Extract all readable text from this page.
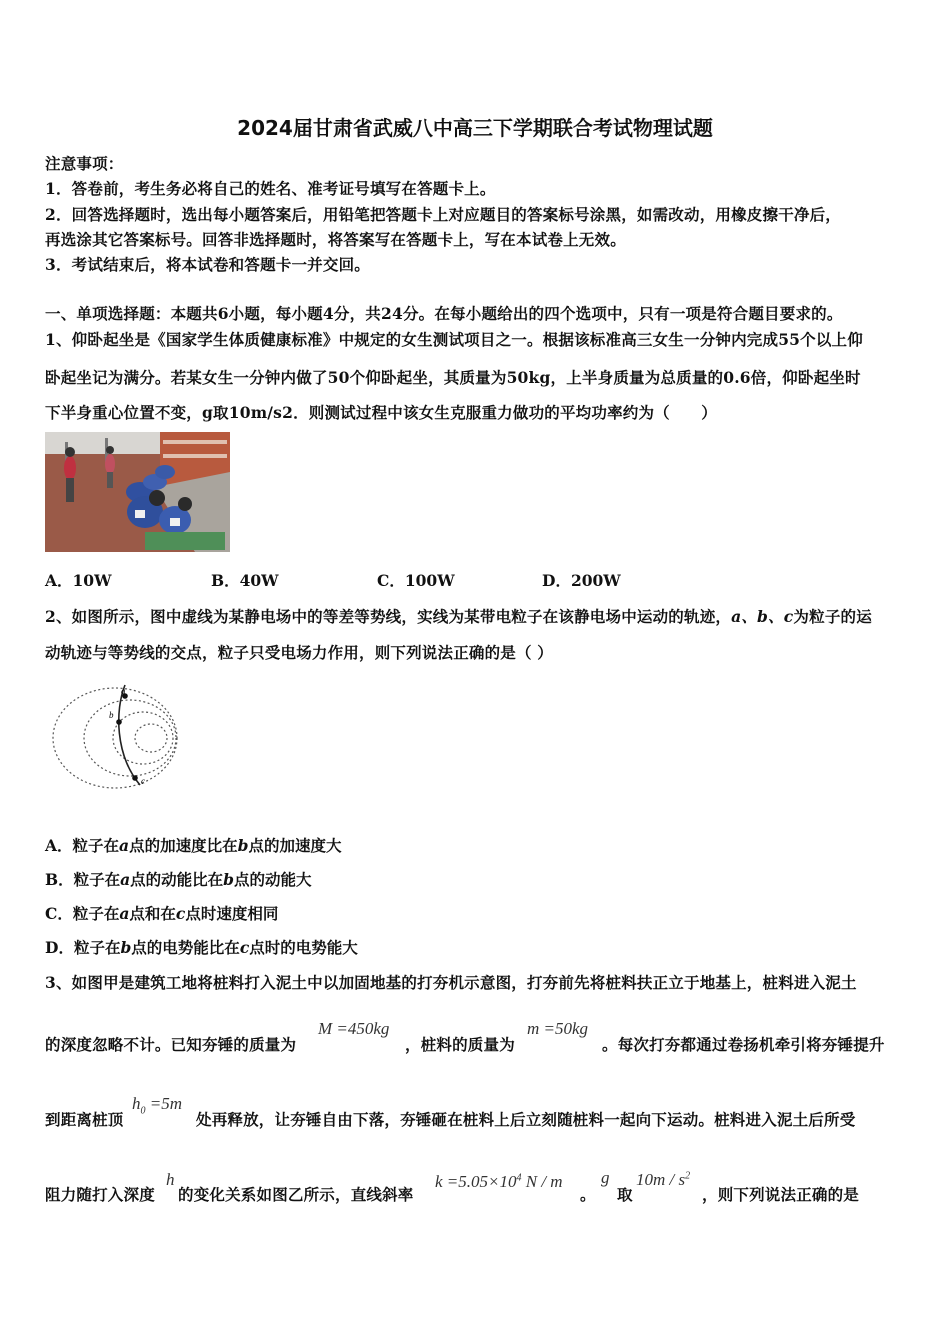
2024届甘肃省武威八中高三下学期联合考试物理试题
注意事项：
1．答卷前，考生务必将自己的姓名、准考证号填写在答题卡上。
2．回答选择题时，选出每小题答案后，用铅笔把答题卡上对应题目的答案标号涂黑，如需改动，用橡皮擦干净后，
再选涂其它答案标号。回答非选择题时，将答案写在答题卡上，写在本试卷上无效。
3．考试结束后，将本试卷和答题卡一并交回。
一、单项选择题：本题共6小题，每小题4分，共24分。在每小题给出的四个选项中，只有一项是符合题目要求的。
1、仰卧起坐是《国家学生体质健康标准》中规定的女生测试项目之一。根据该标准高三女生一分钟内完成55个以上仰
卧起坐记为满分。若某女生一分钟内做了50个仰卧起坐，其质量为50kg，上半身质量为总质量的0.6倍，仰卧起坐时
下半身重心位置不变，g取10m/s2．则测试过程中该女生克服重力做功的平均功率约为（　　）
A．10W	B．40W	C．100W	D．200W
2、如图所示，图中虚线为某静电场中的等差等势线，实线为某带电粒子在该静电场中运动的轨迹，a、b、c为粒子的运
动轨迹与等势线的交点，粒子只受电场力作用，则下列说法正确的是（ ）
a
b
c
A．粒子在a点的加速度比在b点的加速度大
B．粒子在a点的动能比在b点的动能大
C．粒子在a点和在c点时速度相同
D．粒子在b点的电势能比在c点时的电势能大
3、如图甲是建筑工地将桩料打入泥土中以加固地基的打夯机示意图，打夯前先将桩料扶正立于地基上，桩料进入泥土
的深度忽略不计。已知夯锤的质量为
M =450kg
，桩料的质量为
m =50kg
。每次打夯都通过卷扬机牵引将夯锤提升
到距离桩顶
$h_0 =5m$
处再释放，让夯锤自由下落，夯锤砸在桩料上后立刻随桩料一起向下运动。桩料进入泥土后所受
阻力随打入深度
h
的变化关系如图乙所示，直线斜率
$k =5.05\times 10^4$ N / m
。
g
取
$10m / s^2$
，则下列说法正确的是
